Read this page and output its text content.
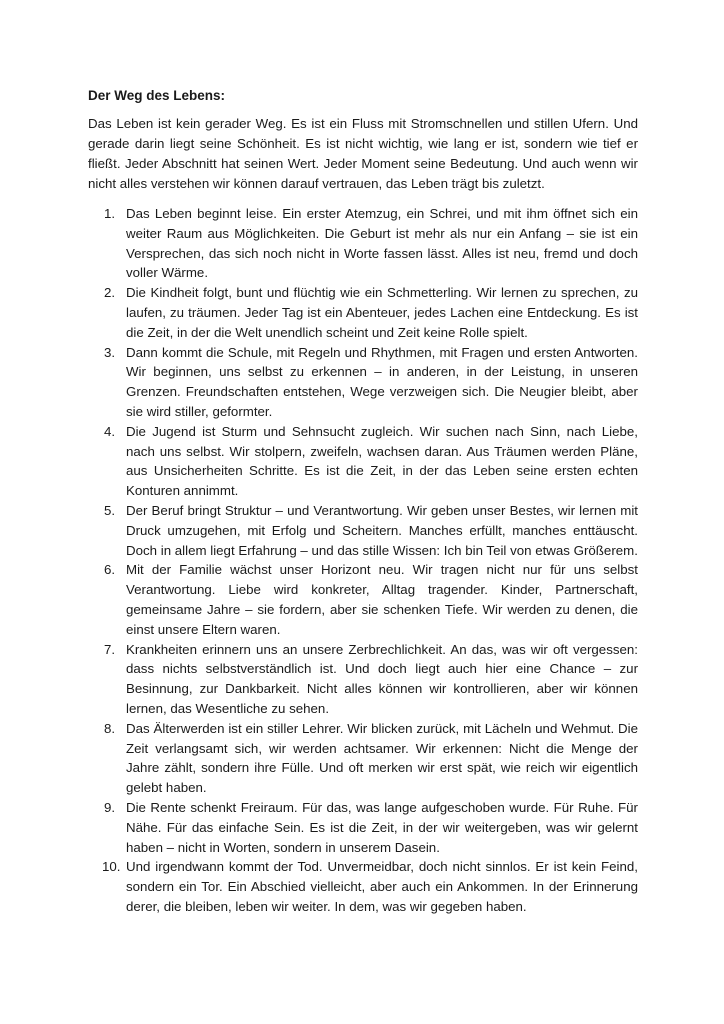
Der Weg des Lebens:

Das Leben ist kein gerader Weg. Es ist ein Fluss mit Stromschnellen und stillen Ufern. Und gerade darin liegt seine Schönheit. Es ist nicht wichtig, wie lang er ist, sondern wie tief er fließt. Jeder Abschnitt hat seinen Wert. Jeder Moment seine Bedeutung. Und auch wenn wir nicht alles verstehen wir können darauf vertrauen, das Leben trägt bis zuletzt.

1. Das Leben beginnt leise. Ein erster Atemzug, ein Schrei, und mit ihm öffnet sich ein weiter Raum aus Möglichkeiten. Die Geburt ist mehr als nur ein Anfang – sie ist ein Versprechen, das sich noch nicht in Worte fassen lässt. Alles ist neu, fremd und doch voller Wärme.
2. Die Kindheit folgt, bunt und flüchtig wie ein Schmetterling. Wir lernen zu sprechen, zu laufen, zu träumen. Jeder Tag ist ein Abenteuer, jedes Lachen eine Entdeckung. Es ist die Zeit, in der die Welt unendlich scheint und Zeit keine Rolle spielt.
3. Dann kommt die Schule, mit Regeln und Rhythmen, mit Fragen und ersten Antworten. Wir beginnen, uns selbst zu erkennen – in anderen, in der Leistung, in unseren Grenzen. Freundschaften entstehen, Wege verzweigen sich. Die Neugier bleibt, aber sie wird stiller, geformter.
4. Die Jugend ist Sturm und Sehnsucht zugleich. Wir suchen nach Sinn, nach Liebe, nach uns selbst. Wir stolpern, zweifeln, wachsen daran. Aus Träumen werden Pläne, aus Unsicherheiten Schritte. Es ist die Zeit, in der das Leben seine ersten echten Konturen annimmt.
5. Der Beruf bringt Struktur – und Verantwortung. Wir geben unser Bestes, wir lernen mit Druck umzugehen, mit Erfolg und Scheitern. Manches erfüllt, manches enttäuscht. Doch in allem liegt Erfahrung – und das stille Wissen: Ich bin Teil von etwas Größerem.
6. Mit der Familie wächst unser Horizont neu. Wir tragen nicht nur für uns selbst Verantwortung. Liebe wird konkreter, Alltag tragender. Kinder, Partnerschaft, gemeinsame Jahre – sie fordern, aber sie schenken Tiefe. Wir werden zu denen, die einst unsere Eltern waren.
7. Krankheiten erinnern uns an unsere Zerbrechlichkeit. An das, was wir oft vergessen: dass nichts selbstverständlich ist. Und doch liegt auch hier eine Chance – zur Besinnung, zur Dankbarkeit. Nicht alles können wir kontrollieren, aber wir können lernen, das Wesentliche zu sehen.
8. Das Älterwerden ist ein stiller Lehrer. Wir blicken zurück, mit Lächeln und Wehmut. Die Zeit verlangsamt sich, wir werden achtsamer. Wir erkennen: Nicht die Menge der Jahre zählt, sondern ihre Fülle. Und oft merken wir erst spät, wie reich wir eigentlich gelebt haben.
9. Die Rente schenkt Freiraum. Für das, was lange aufgeschoben wurde. Für Ruhe. Für Nähe. Für das einfache Sein. Es ist die Zeit, in der wir weitergeben, was wir gelernt haben – nicht in Worten, sondern in unserem Dasein.
10. Und irgendwann kommt der Tod. Unvermeidbar, doch nicht sinnlos. Er ist kein Feind, sondern ein Tor. Ein Abschied vielleicht, aber auch ein Ankommen. In der Erinnerung derer, die bleiben, leben wir weiter. In dem, was wir gegeben haben.
